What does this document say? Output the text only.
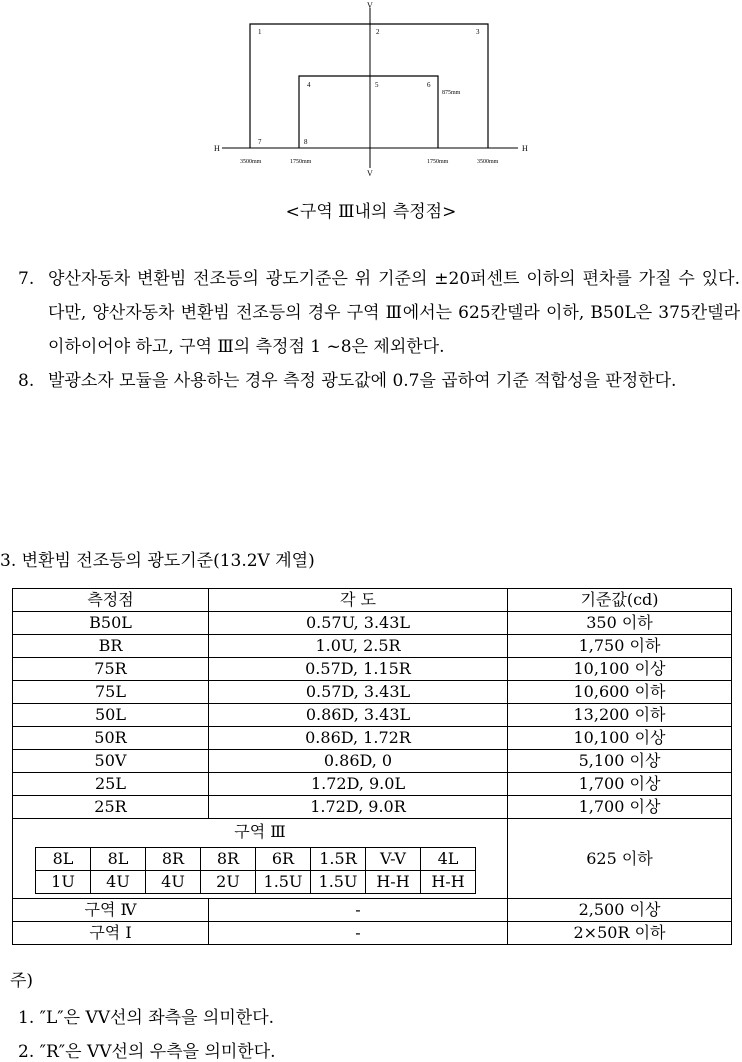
V
V
H	H
1	2	3
4	5	6
7	8
875mm
3500mm	1750mm	1750mm	3500mm
<구역 Ⅲ내의 측정점>
7. 양산자동차 변환빔 전조등의 광도기준은 위 기준의 ±20퍼센트 이하의 편차를 가질 수 있다. 다만, 양산자동차 변환빔 전조등의 경우 구역 Ⅲ에서는 625칸델라 이하, B50L은 375칸델라 이하이어야 하고, 구역 Ⅲ의 측정점 1 ~8은 제외한다.
8. 발광소자 모듈을 사용하는 경우 측정 광도값에 0.7을 곱하여 기준 적합성을 판정한다.
3. 변환빔 전조등의 광도기준(13.2V 계열)
측정점	각 도	기준값(cd)
B50L	0.57U, 3.43L	350 이하
BR	1.0U, 2.5R	1,750 이하
75R	0.57D, 1.15R	10,100 이상
75L	0.57D, 3.43L	10,600 이하
50L	0.86D, 3.43L	13,200 이하
50R	0.86D, 1.72R	10,100 이상
50V	0.86D, 0	5,100 이상
25L	1.72D, 9.0L	1,700 이상
25R	1.72D, 9.0R	1,700 이상

구역 Ⅲ
8L	8L	8R	8R	6R	1.5R	V-V	4L
1U	4U	4U	2U	1.5U	1.5U	H-H	H-H
	625 이하
구역 Ⅳ	-	2,500 이상
구역 Ⅰ	-	2×50R 이하
주)
1. ″L″은 VV선의 좌측을 의미한다.
2. ″R″은 VV선의 우측을 의미한다.
